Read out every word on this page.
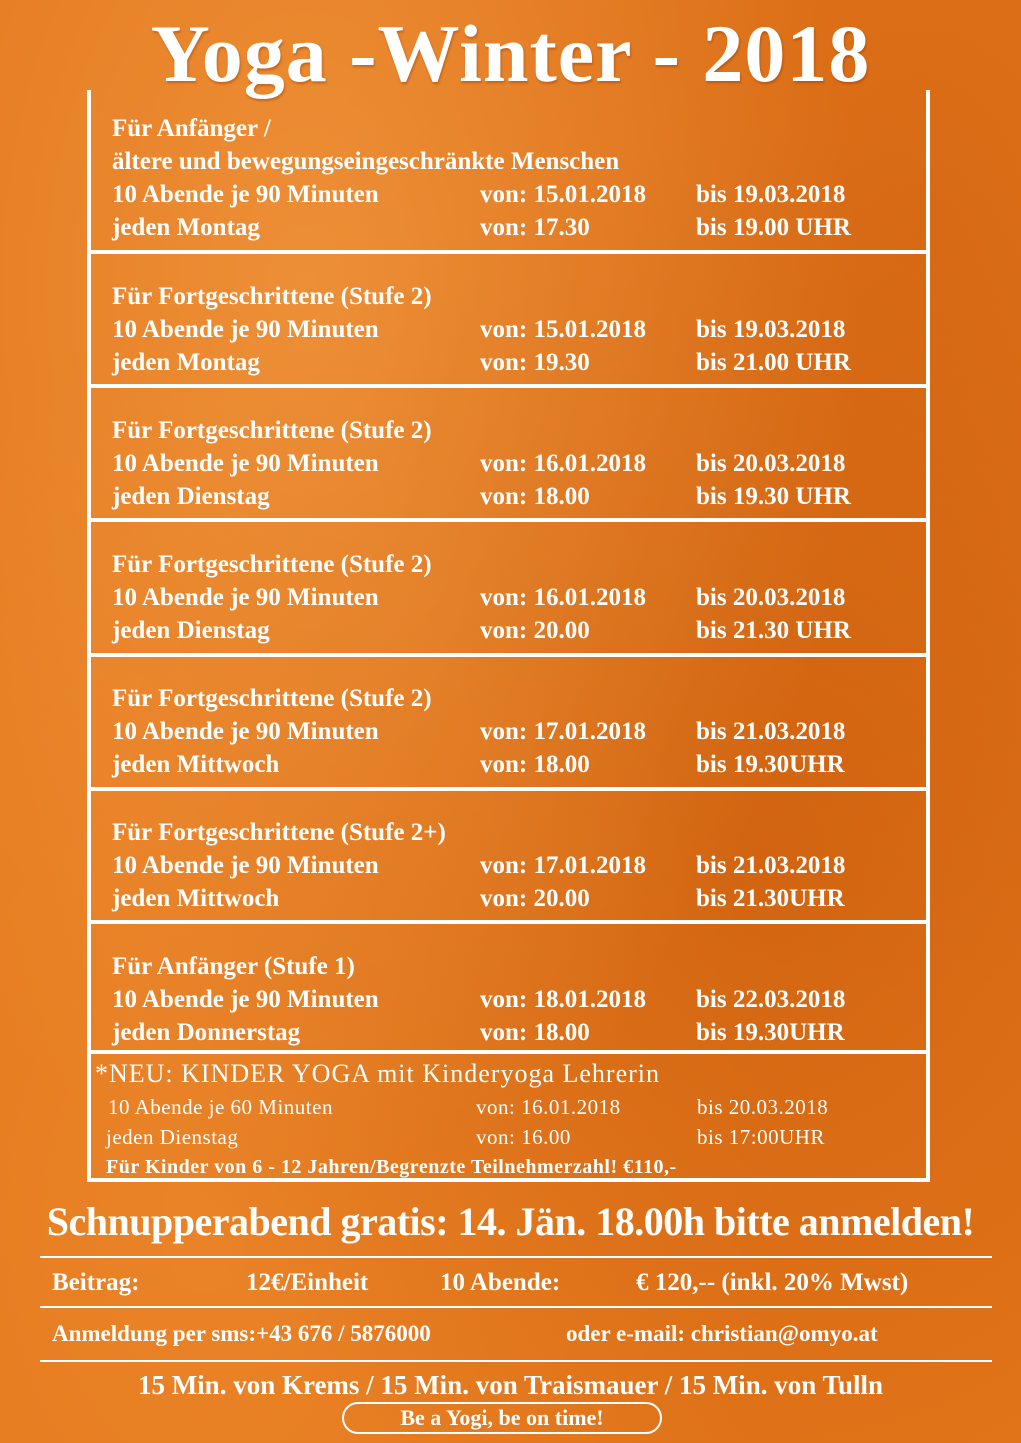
Yoga -Winter - 2018
Für Anfänger /
ältere und bewegungseingeschränkte Menschen
10 Abende je 90 Minuten	von: 15.01.2018 bis 19.03.2018
jeden Montag	von: 17.30	bis 19.00 UHR
Für Fortgeschrittene (Stufe 2)
10 Abende je 90 Minuten	von: 15.01.2018 bis 19.03.2018
jeden Montag	von: 19.30	bis 21.00 UHR
Für Fortgeschrittene (Stufe 2)
10 Abende je 90 Minuten	von: 16.01.2018 bis 20.03.2018
jeden Dienstag	von: 18.00	bis 19.30 UHR
Für Fortgeschrittene (Stufe 2)
10 Abende je 90 Minuten	von: 16.01.2018 bis 20.03.2018
jeden Dienstag	von: 20.00	bis 21.30 UHR
Für Fortgeschrittene (Stufe 2)
10 Abende je 90 Minuten	von: 17.01.2018 bis 21.03.2018
jeden Mittwoch	von: 18.00	bis 19.30UHR
Für Fortgeschrittene (Stufe 2+)
10 Abende je 90 Minuten	von: 17.01.2018 bis 21.03.2018
jeden Mittwoch	von: 20.00	bis 21.30UHR
Für Anfänger (Stufe 1)
10 Abende je 90 Minuten	von: 18.01.2018 bis 22.03.2018
jeden Donnerstag	von: 18.00	bis 19.30UHR
*NEU: KINDER YOGA mit Kinderyoga Lehrerin
10 Abende je 60 Minuten	von: 16.01.2018	bis 20.03.2018
jeden Dienstag	von: 16.00	bis 17:00UHR
Für Kinder von 6 - 12 Jahren/Begrenzte Teilnehmerzahl! €110,-
Schnupperabend gratis: 14. Jän. 18.00h bitte anmelden!
Beitrag:	12€/Einheit	10 Abende:	€ 120,-- (inkl. 20% Mwst)
Anmeldung per sms:+43 676 / 5876000	oder e-mail: christian@omyo.at
15 Min. von Krems / 15 Min. von Traismauer / 15 Min. von Tulln
Be a Yogi, be on time!
